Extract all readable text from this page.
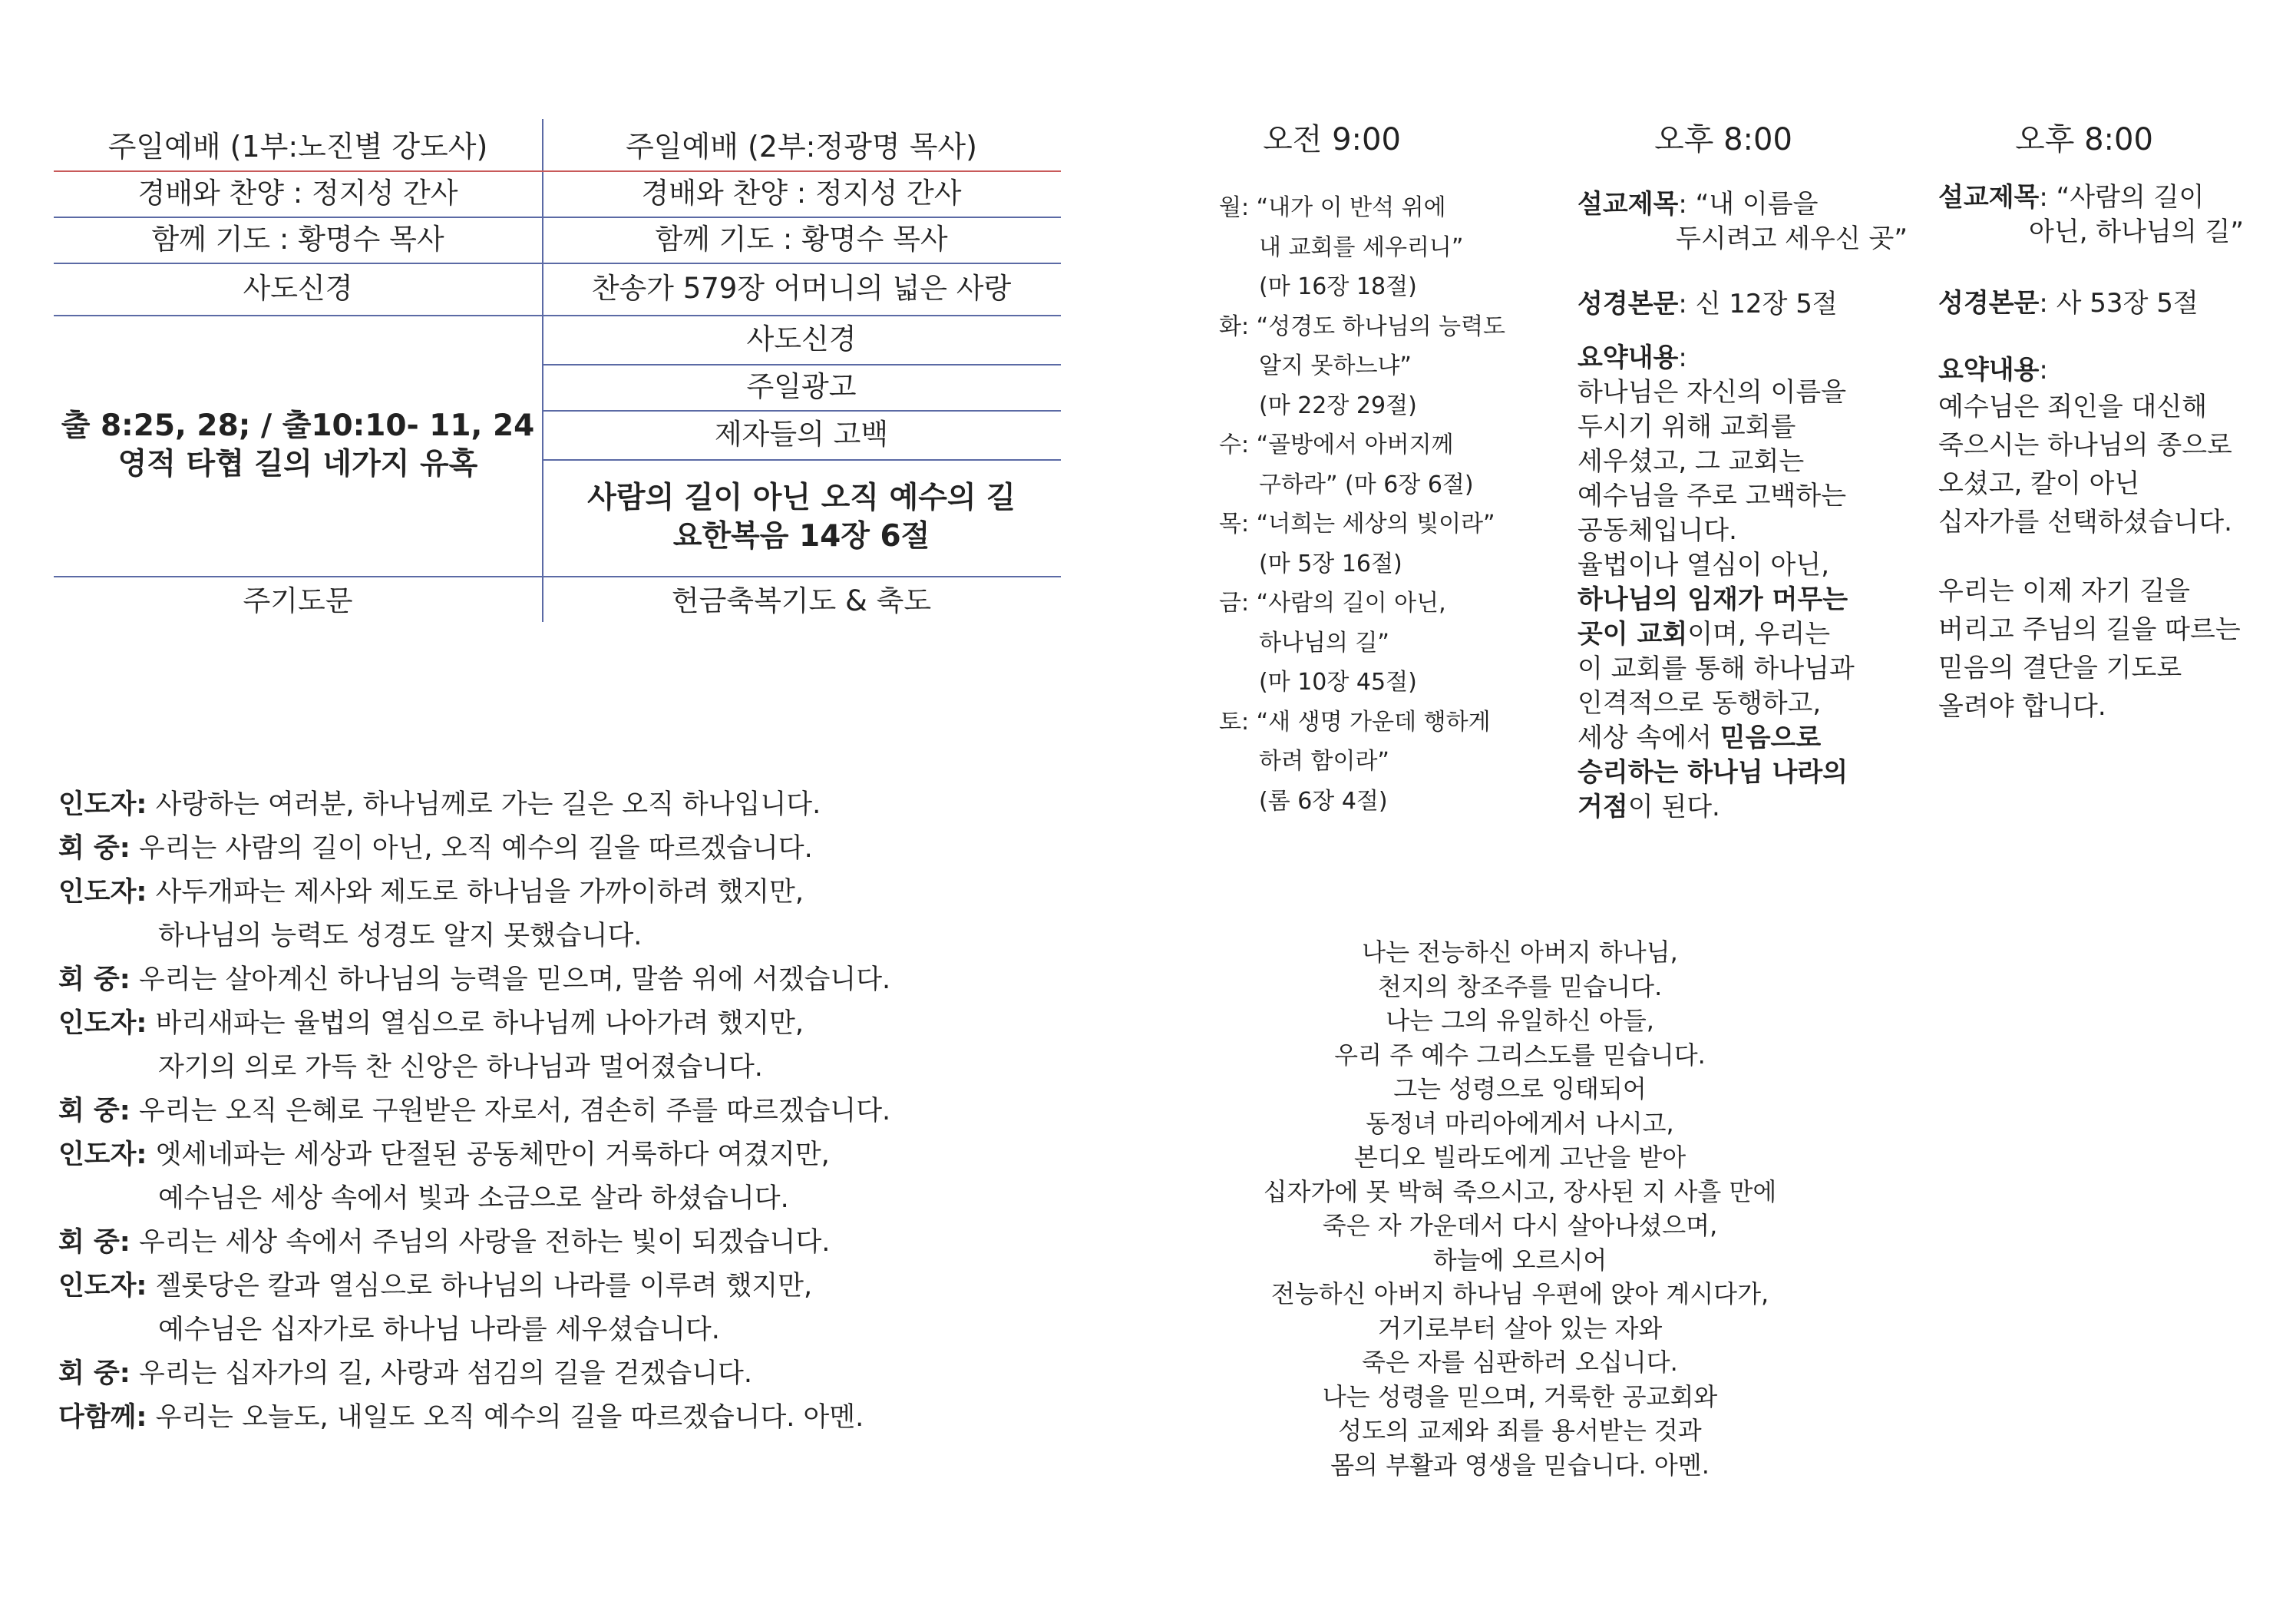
주일예배 (1부:노진별 강도사)
경배와 찬양 : 정지성 간사
함께 기도 : 황명수 목사
사도신경
출 8:25, 28; / 출10:10- 11, 24
영적 타협 길의 네가지 유혹
주기도문
주일예배 (2부:정광명 목사)
경배와 찬양 : 정지성 간사
함께 기도 : 황명수 목사
찬송가 579장 어머니의 넓은 사랑
사도신경
주일광고
제자들의 고백
사람의 길이 아닌 오직 예수의 길
요한복음 14장 6절
헌금축복기도 & 축도
인도자: 사랑하는 여러분, 하나님께로 가는 길은 오직 하나입니다.
회 중: 우리는 사람의 길이 아닌, 오직 예수의 길을 따르겠습니다.
인도자: 사두개파는 제사와 제도로 하나님을 가까이하려 했지만,
하나님의 능력도 성경도 알지 못했습니다.
회 중: 우리는 살아계신 하나님의 능력을 믿으며, 말씀 위에 서겠습니다.
인도자: 바리새파는 율법의 열심으로 하나님께 나아가려 했지만,
자기의 의로 가득 찬 신앙은 하나님과 멀어졌습니다.
회 중: 우리는 오직 은혜로 구원받은 자로서, 겸손히 주를 따르겠습니다.
인도자: 엣세네파는 세상과 단절된 공동체만이 거룩하다 여겼지만,
예수님은 세상 속에서 빛과 소금으로 살라 하셨습니다.
회 중: 우리는 세상 속에서 주님의 사랑을 전하는 빛이 되겠습니다.
인도자: 젤롯당은 칼과 열심으로 하나님의 나라를 이루려 했지만,
예수님은 십자가로 하나님 나라를 세우셨습니다.
회 중: 우리는 십자가의 길, 사랑과 섬김의 길을 걷겠습니다.
다함께: 우리는 오늘도, 내일도 오직 예수의 길을 따르겠습니다. 아멘.
오전 9:00	오후 8:00	오후 8:00
월: “내가 이 반석 위에
내 교회를 세우리니”
(마 16장 18절)
화: “성경도 하나님의 능력도
알지 못하느냐”
(마 22장 29절)
수: “골방에서 아버지께
구하라” (마 6장 6절)
목: “너희는 세상의 빛이라”
(마 5장 16절)
금: “사람의 길이 아닌,
하나님의 길”
(마 10장 45절)
토: “새 생명 가운데 행하게
하려 함이라”
(롬 6장 4절)
설교제목: “내 이름을
두시려고 세우신 곳”
성경본문: 신 12장 5절
요약내용:
하나님은 자신의 이름을
두시기 위해 교회를
세우셨고, 그 교회는
예수님을 주로 고백하는
공동체입니다.
율법이나 열심이 아닌,
하나님의 임재가 머무는
곳이 교회이며, 우리는
이 교회를 통해 하나님과
인격적으로 동행하고,
세상 속에서 믿음으로
승리하는 하나님 나라의
거점이 된다.
설교제목: “사람의 길이
아닌, 하나님의 길”
성경본문: 사 53장 5절
요약내용:
예수님은 죄인을 대신해
죽으시는 하나님의 종으로
오셨고, 칼이 아닌
십자가를 선택하셨습니다.
우리는 이제 자기 길을
버리고 주님의 길을 따르는
믿음의 결단을 기도로
올려야 합니다.
나는 전능하신 아버지 하나님,
천지의 창조주를 믿습니다.
나는 그의 유일하신 아들,
우리 주 예수 그리스도를 믿습니다.
그는 성령으로 잉태되어
동정녀 마리아에게서 나시고,
본디오 빌라도에게 고난을 받아
십자가에 못 박혀 죽으시고, 장사된 지 사흘 만에
죽은 자 가운데서 다시 살아나셨으며,
하늘에 오르시어
전능하신 아버지 하나님 우편에 앉아 계시다가,
거기로부터 살아 있는 자와
죽은 자를 심판하러 오십니다.
나는 성령을 믿으며, 거룩한 공교회와
성도의 교제와 죄를 용서받는 것과
몸의 부활과 영생을 믿습니다. 아멘.
